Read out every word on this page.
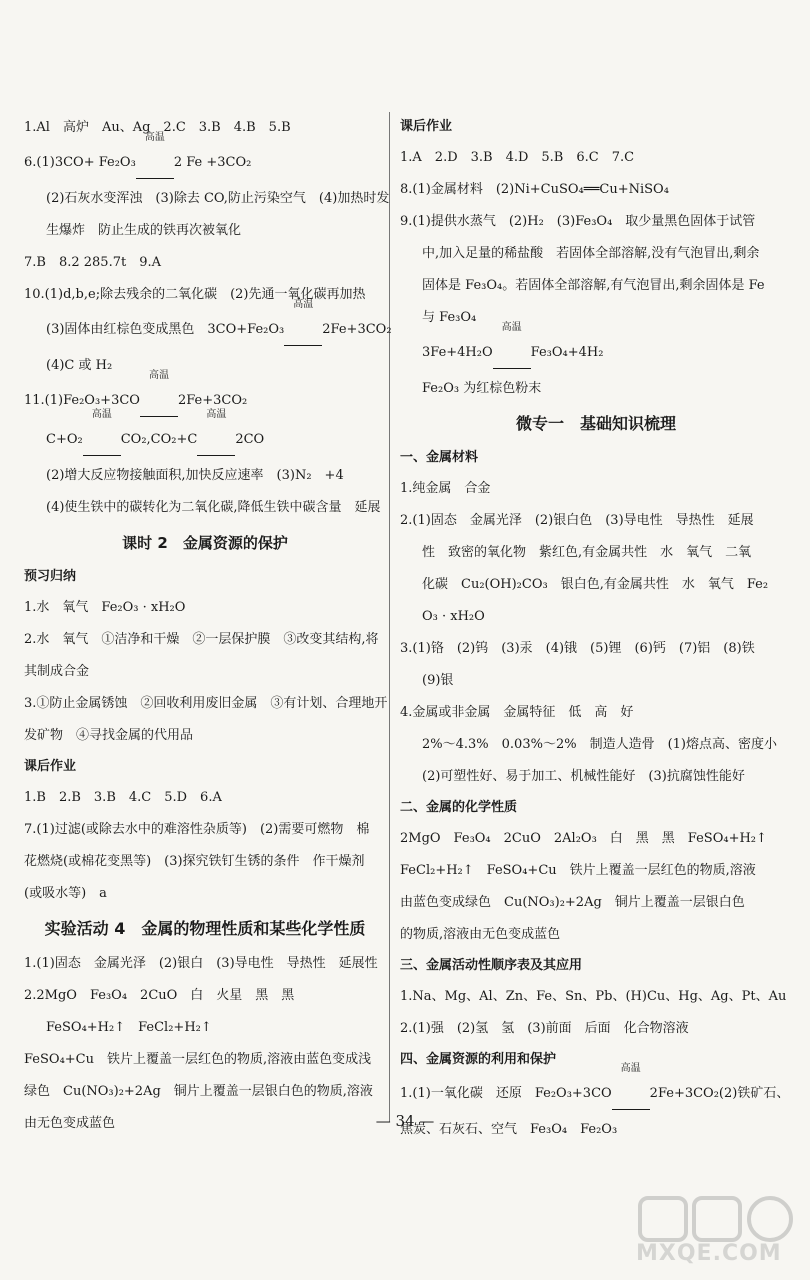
1.Al　高炉　Au、Ag　2.C　3.B　4.B　5.B
6.(1)3CO+ Fe₂O₃
高温
2 Fe +3CO₂
(2)石灰水变浑浊　(3)除去 CO,防止污染空气　(4)加热时发
生爆炸　防止生成的铁再次被氧化
7.B　8.2 285.7t　9.A
10.(1)d,b,e;除去残余的二氧化碳　(2)先通一氧化碳再加热
(3)固体由红棕色变成黑色　3CO+Fe₂O₃
高温
2Fe+3CO₂
(4)C 或 H₂
11.(1)Fe₂O₃+3CO
高温
2Fe+3CO₂
C+O₂
高温
CO₂,CO₂+C
高温
2CO
(2)增大反应物接触面积,加快反应速率　(3)N₂　+4
(4)使生铁中的碳转化为二氧化碳,降低生铁中碳含量　延展
课时 2　金属资源的保护
预习归纳
1.水　氧气　Fe₂O₃ · xH₂O
2.水　氧气　①洁净和干燥　②一层保护膜　③改变其结构,将
其制成合金
3.①防止金属锈蚀　②回收利用废旧金属　③有计划、合理地开
发矿物　④寻找金属的代用品
课后作业
1.B　2.B　3.B　4.C　5.D　6.A
7.(1)过滤(或除去水中的难溶性杂质等)　(2)需要可燃物　棉
花燃烧(或棉花变黑等)　(3)探究铁钉生锈的条件　作干燥剂
(或吸水等)　a
实验活动 4　金属的物理性质和某些化学性质
1.(1)固态　金属光泽　(2)银白　(3)导电性　导热性　延展性
2.2MgO　Fe₃O₄　2CuO　白　火星　黑　黑
FeSO₄+H₂↑　FeCl₂+H₂↑
FeSO₄+Cu　铁片上覆盖一层红色的物质,溶液由蓝色变成浅
绿色　Cu(NO₃)₂+2Ag　铜片上覆盖一层银白色的物质,溶液
由无色变成蓝色
课后作业
1.A　2.D　3.B　4.D　5.B　6.C　7.C
8.(1)金属材料　(2)Ni+CuSO₄══Cu+NiSO₄
9.(1)提供水蒸气　(2)H₂　(3)Fe₃O₄　取少量黑色固体于试管
中,加入足量的稀盐酸　若固体全部溶解,没有气泡冒出,剩余
固体是 Fe₃O₄。若固体全部溶解,有气泡冒出,剩余固体是 Fe
与 Fe₃O₄
3Fe+4H₂O
高温
Fe₃O₄+4H₂
Fe₂O₃ 为红棕色粉末
微专一　基础知识梳理
一、金属材料
1.纯金属　合金
2.(1)固态　金属光泽　(2)银白色　(3)导电性　导热性　延展
性　致密的氧化物　紫红色,有金属共性　水　氧气　二氧
化碳　Cu₂(OH)₂CO₃　银白色,有金属共性　水　氧气　Fe₂
O₃ · xH₂O
3.(1)铬　(2)钨　(3)汞　(4)锇　(5)锂　(6)钙　(7)铝　(8)铁
(9)银
4.金属或非金属　金属特征　低　高　好
2%～4.3%　0.03%～2%　制造人造骨　(1)熔点高、密度小
(2)可塑性好、易于加工、机械性能好　(3)抗腐蚀性能好
二、金属的化学性质
2MgO　Fe₃O₄　2CuO　2Al₂O₃　白　黑　黑　FeSO₄+H₂↑
FeCl₂+H₂↑　FeSO₄+Cu　铁片上覆盖一层红色的物质,溶液
由蓝色变成绿色　Cu(NO₃)₂+2Ag　铜片上覆盖一层银白色
的物质,溶液由无色变成蓝色
三、金属活动性顺序表及其应用
1.Na、Mg、Al、Zn、Fe、Sn、Pb、(H)Cu、Hg、Ag、Pt、Au
2.(1)强　(2)氢　氢　(3)前面　后面　化合物溶液
四、金属资源的利用和保护
1.(1)一氧化碳　还原　Fe₂O₃+3CO
高温
2Fe+3CO₂(2)铁矿石、
焦炭、石灰石、空气　Fe₃O₄　Fe₂O₃
— 34 —
MXQE.COM
